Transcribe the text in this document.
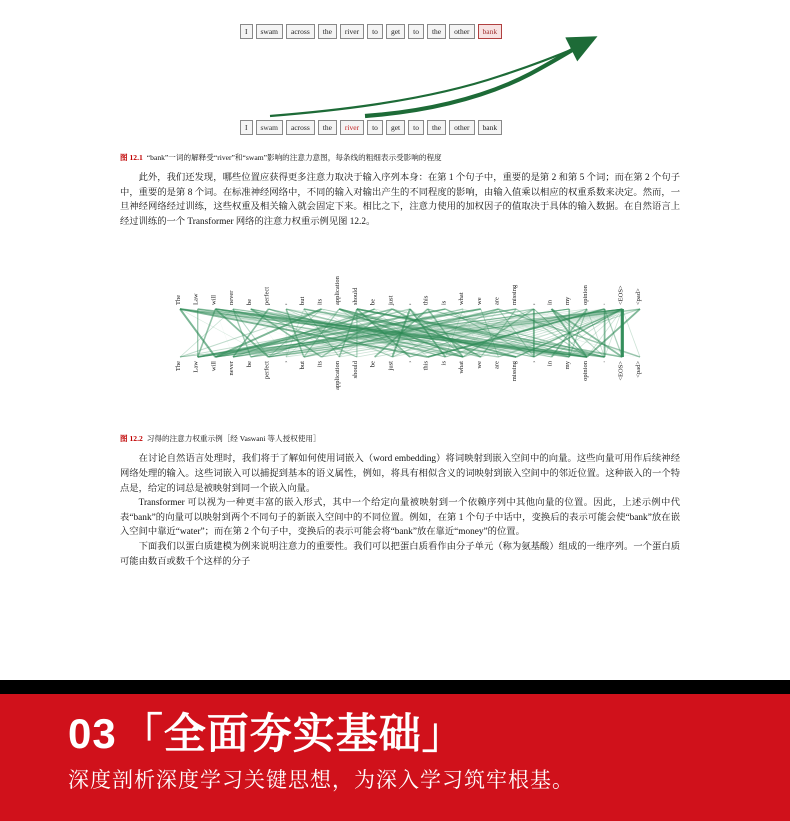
I	swam	across	the	river	to	get	to	the	other	bank
I	swam	across	the	river	to	get	to	the	other	bank
图 12.1 “bank”一词的解释受“river”和“swam”影响的注意力意图，每条线的粗细表示受影响的程度

此外，我们还发现，哪些位置应获得更多注意力取决于输入序列本身：在第 1 个句子中，重要的是第 2 和第 5 个词；而在第 2 个句子中，重要的是第 8 个词。在标准神经网络中，不同的输入对输出产生的不同程度的影响，由输入值乘以相应的权重系数来决定。然而，一旦神经网络经过训练，这些权重及相关输入就会固定下来。相比之下，注意力使用的加权因子的值取决于具体的输入数据。在自然语言上经过训练的一个 Transformer 网络的注意力权重示例见图 12.2。

The Law will never be perfect , but its application should be just , this is what we are missing , in my opinion . <EOS> <pad>
The Law will never be perfect , but its application should be just , this is what we are missing , in my opinion . <EOS> <pad>
图 12.2 习得的注意力权重示例［经 Vaswani 等人授权使用］

在讨论自然语言处理时，我们将于了解如何使用词嵌入（word embedding）将词映射到嵌入空间中的向量。这些向量可用作后续神经网络处理的输入。这些词嵌入可以捕捉到基本的语义属性，例如，将具有相似含义的词映射到嵌入空间中的邻近位置。这种嵌入的一个特点是，给定的词总是被映射到同一个嵌入向量。

Transformer 可以视为一种更丰富的嵌入形式，其中一个给定向量被映射到一个依赖序列中其他向量的位置。因此，上述示例中代表“bank”的向量可以映射到两个不同句子的新嵌入空间中的不同位置。例如，在第 1 个句子中话中，变换后的表示可能会使“bank”放在嵌入空间中靠近“water”；而在第 2 个句子中，变换后的表示可能会将“bank”放在靠近“money”的位置。

下面我们以蛋白质建模为例来说明注意力的重要性。我们可以把蛋白质看作由分子单元（称为氨基酸）组成的一维序列。一个蛋白质可能由数百或数千个这样的分子

03「全面夯实基础」
深度剖析深度学习关键思想，为深入学习筑牢根基。
